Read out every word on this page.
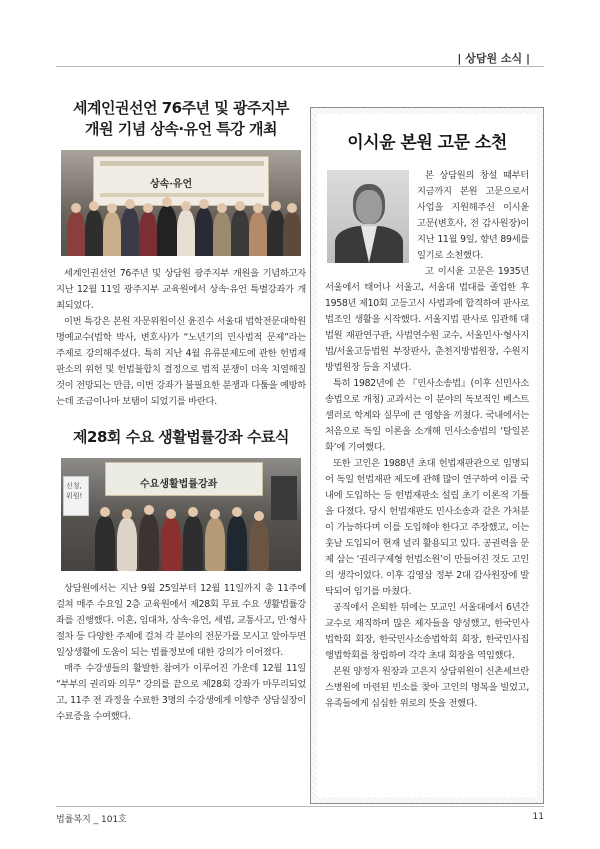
| 상담원 소식 |
세계인권선언 76주년 및 광주지부
개원 기념 상속·유언 특강 개최
상속·유언

세계인권선언 76주년 및 상담원 광주지부 개원을 기념하고자 지난 12월 11일 광주지부 교육원에서 상속·유언 특별강좌가 개최되었다.

이번 특강은 본원 자문위원이신 윤진수 서울대 법학전문대학원 명예교수(법학 박사, 변호사)가 “노년기의 민사법적 문제”라는 주제로 강의해주셨다. 특히 지난 4월 유류분제도에 관한 헌법재판소의 위헌 및 헌법불합치 결정으로 법적 분쟁이 더욱 치열해질 것이 전망되는 만큼, 이번 강좌가 불필요한 분쟁과 다툼을 예방하는데 조금이나마 보탬이 되었기를 바란다.

제28회 수요 생활법률강좌 수료식
수요생활법률강좌
신청, 위원!

상담원에서는 지난 9월 25일부터 12월 11일까지 총 11주에 걸쳐 매주 수요일 2층 교육원에서 제28회 무료 수요 생활법률강좌를 진행했다. 이혼, 임대차, 상속·유언, 세법, 교통사고, 민·형사절차 등 다양한 주제에 걸쳐 각 분야의 전문가를 모시고 알아두면 일상생활에 도움이 되는 법률정보에 대한 강의가 이어졌다.

매주 수강생들의 활발한 참여가 이루어진 가운데 12월 11일 “부부의 권리와 의무” 강의를 끝으로 제28회 강좌가 마무리되었고, 11주 전 과정을 수료한 3명의 수강생에게 이향주 상담실장이 수료증을 수여했다.

이시윤 본원 고문 소천

본 상담원의 창설 때부터 지금까지 본원 고문으로서 사업을 지원해주신 이시윤 고문(변호사, 전 감사원장)이 지난 11월 9일, 향년 89세를 일기로 소천했다.

고 이시윤 고문은 1935년 서울에서 태어나 서울고, 서울대 법대를 졸업한 후 1958년 제10회 고등고시 사법과에 합격하여 판사로 법조인 생활을 시작했다. 서울지법 판사로 임관해 대법원 재판연구관, 사법연수원 교수, 서울민사·형사지법/서울고등법원 부장판사, 춘천지방법원장, 수원지방법원장 등을 지냈다.

특히 1982년에 쓴 『민사소송법』(이후 신민사소송법으로 개칭) 교과서는 이 분야의 독보적인 베스트셀러로 학계와 실무에 큰 영향을 끼쳤다. 국내에서는 처음으로 독일 이론을 소개해 민사소송법의 ‘탈일본화’에 기여했다.

또한 고인은 1988년 초대 헌법재판관으로 임명되어 독일 헌법재판 제도에 관해 많이 연구하여 이를 국내에 도입하는 등 헌법재판소 설립 초기 이론적 기틀을 다졌다. 당시 헌법재판도 민사소송과 같은 가처분이 가능하다며 이를 도입해야 한다고 주장했고, 이는 훗날 도입되어 현재 널리 활용되고 있다. 공권력을 문제 삼는 ‘권리구제형 헌법소원’이 만들어진 것도 고인의 생각이었다. 이후 김영삼 정부 2대 감사원장에 발탁되어 임기를 마쳤다.

공직에서 은퇴한 뒤에는 모교인 서울대에서 6년간 교수로 재직하며 많은 제자들을 양성했고, 한국민사법학회 회장, 한국민사소송법학회 회장, 한국민사집행법학회를 창립하여 각각 초대 회장을 역임했다.

본원 양정자 원장과 고은지 상담위원이 신촌세브란스병원에 마련된 빈소를 찾아 고인의 명복을 빌었고, 유족들에게 심심한 위로의 뜻을 전했다.

법률복지 _ 101호	11
